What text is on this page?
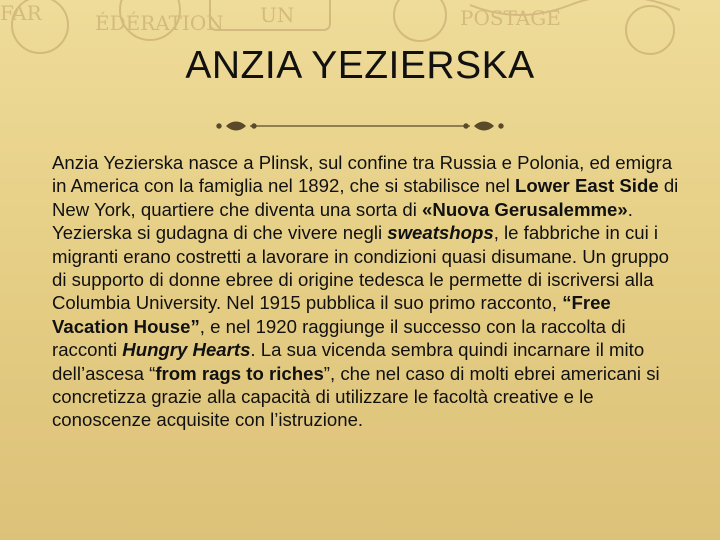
FAR	ÉDÉRATION UN	POSTAGE
ANZIA YEZIERSKA
Anzia Yezierska nasce a Plinsk, sul confine tra Russia e Polonia, ed emigra in America con la famiglia nel 1892, che si stabilisce nel Lower East Side di New York, quartiere che diventa una sorta di «Nuova Gerusalemme». Yezierska si gudagna di che vivere negli sweatshops, le fabbriche in cui i migranti erano costretti a lavorare in condizioni quasi disumane. Un gruppo di supporto di donne ebree di origine tedesca le permette di iscriversi alla Columbia University. Nel 1915 pubblica il suo primo racconto, “Free Vacation House”, e nel 1920 raggiunge il successo con la raccolta di racconti Hungry Hearts. La sua vicenda sembra quindi incarnare il mito dell’ascesa “from rags to riches”, che nel caso di molti ebrei americani si concretizza grazie alla capacità di utilizzare le facoltà creative e le conoscenze acquisite con l’istruzione.
